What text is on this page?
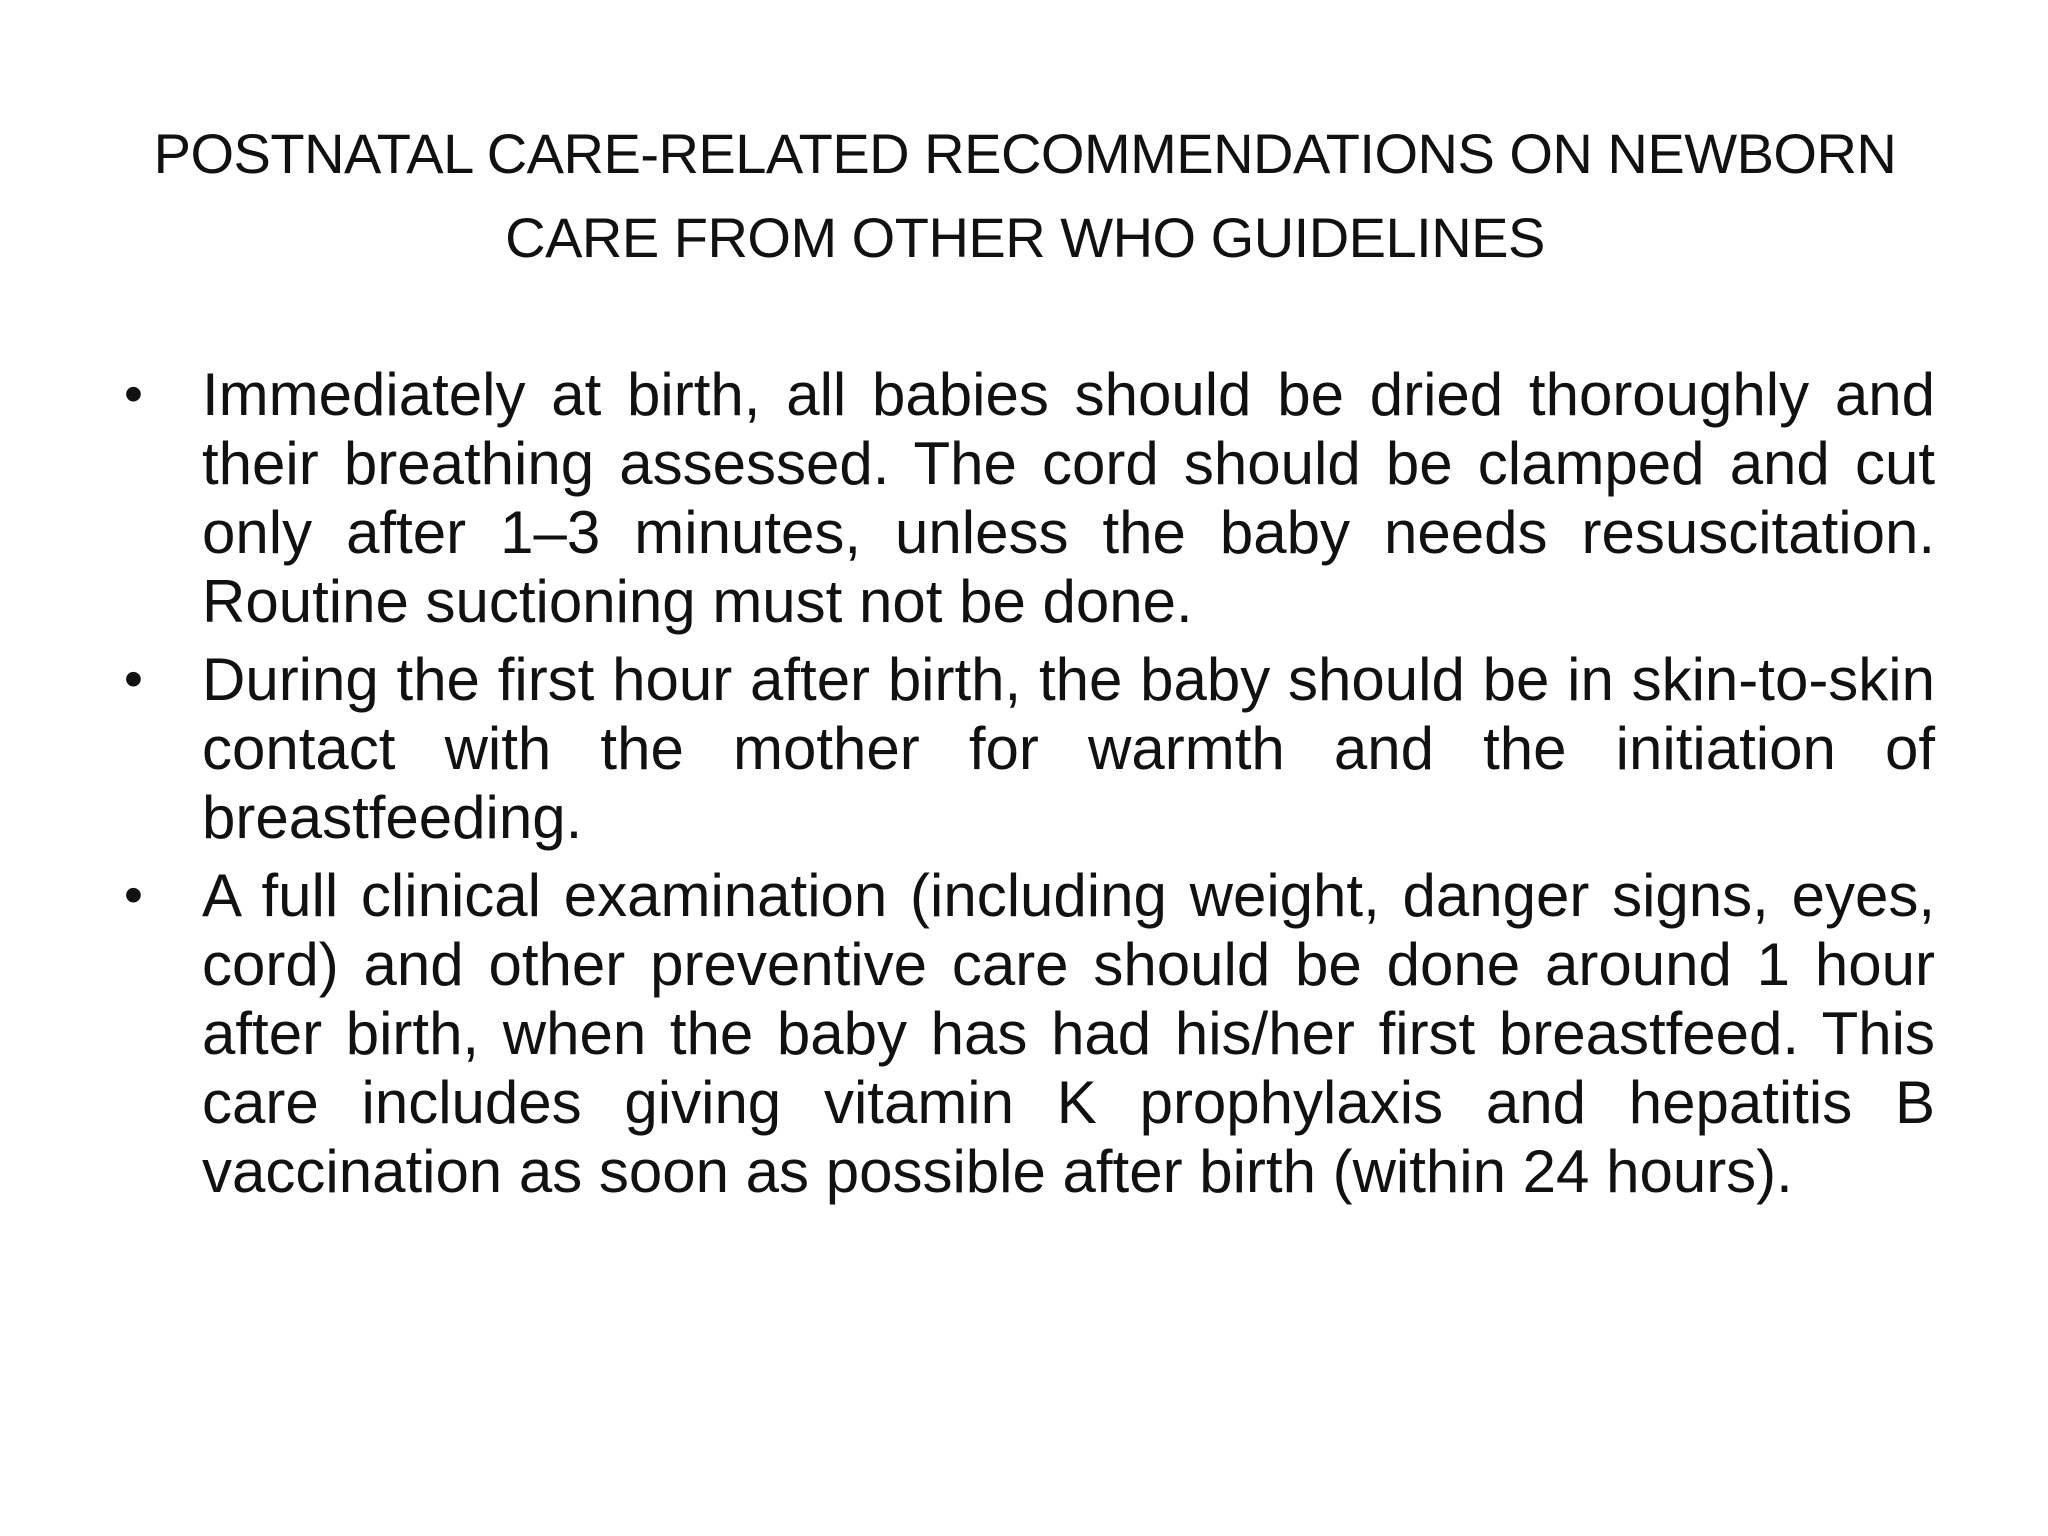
POSTNATAL CARE-RELATED RECOMMENDATIONS ON NEWBORN
CARE FROM OTHER WHO GUIDELINES
• Immediately at birth, all babies should be dried thoroughly and their breathing assessed. The cord should be clamped and cut only after 1–3 minutes, unless the baby needs resuscitation. Routine suctioning must not be done.
• During the first hour after birth, the baby should be in skin-to-skin contact with the mother for warmth and the initiation of breastfeeding.
• A full clinical examination (including weight, danger signs, eyes, cord) and other preventive care should be done around 1 hour after birth, when the baby has had his/her first breastfeed. This care includes giving vitamin K prophylaxis and hepatitis B vaccination as soon as possible after birth (within 24 hours).
